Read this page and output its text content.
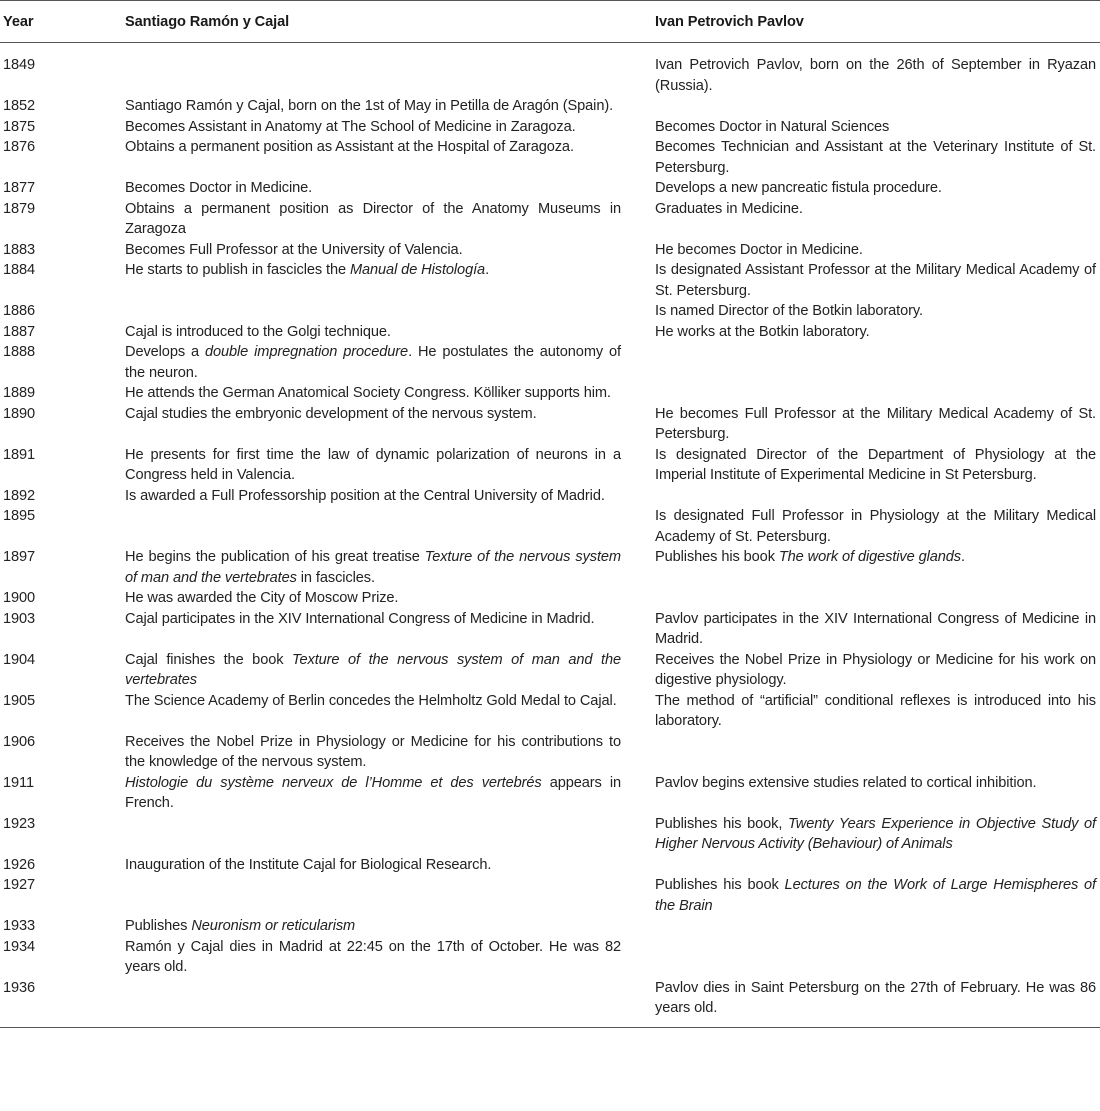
Year	Santiago Ramón y Cajal	Ivan Petrovich Pavlov
1849		Ivan Petrovich Pavlov, born on the 26th of September in Ryazan (Russia).
1852	Santiago Ramón y Cajal, born on the 1st of May in Petilla de Aragón (Spain).	
1875	Becomes Assistant in Anatomy at The School of Medicine in Zaragoza.	Becomes Doctor in Natural Sciences
1876	Obtains a permanent position as Assistant at the Hospital of Zaragoza.	Becomes Technician and Assistant at the Veterinary Institute of St. Petersburg.
1877	Becomes Doctor in Medicine.	Develops a new pancreatic fistula procedure.
1879	Obtains a permanent position as Director of the Anatomy Museums in Zaragoza	Graduates in Medicine.
1883	Becomes Full Professor at the University of Valencia.	He becomes Doctor in Medicine.
1884	He starts to publish in fascicles the Manual de Histología.	Is designated Assistant Professor at the Military Medical Academy of St. Petersburg.
1886		Is named Director of the Botkin laboratory.
1887	Cajal is introduced to the Golgi technique.	He works at the Botkin laboratory.
1888	Develops a double impregnation procedure. He postulates the autonomy of the neuron.	
1889	He attends the German Anatomical Society Congress. Kölliker supports him.	
1890	Cajal studies the embryonic development of the nervous system.	He becomes Full Professor at the Military Medical Academy of St. Petersburg.
1891	He presents for first time the law of dynamic polarization of neurons in a Congress held in Valencia.	Is designated Director of the Department of Physiology at the Imperial Institute of Experimental Medicine in St Petersburg.
1892	Is awarded a Full Professorship position at the Central University of Madrid.	
1895		Is designated Full Professor in Physiology at the Military Medical Academy of St. Petersburg.
1897	He begins the publication of his great treatise Texture of the nervous system of man and the vertebrates in fascicles.	Publishes his book The work of digestive glands.
1900	He was awarded the City of Moscow Prize.	
1903	Cajal participates in the XIV International Congress of Medicine in Madrid.	Pavlov participates in the XIV International Congress of Medicine in Madrid.
1904	Cajal finishes the book Texture of the nervous system of man and the vertebrates	Receives the Nobel Prize in Physiology or Medicine for his work on digestive physiology.
1905	The Science Academy of Berlin concedes the Helmholtz Gold Medal to Cajal.	The method of “artificial” conditional reflexes is introduced into his laboratory.
1906	Receives the Nobel Prize in Physiology or Medicine for his contributions to the knowledge of the nervous system.	
1911	Histologie du système nerveux de l’Homme et des vertebrés appears in French.	Pavlov begins extensive studies related to cortical inhibition.
1923		Publishes his book, Twenty Years Experience in Objective Study of Higher Nervous Activity (Behaviour) of Animals
1926	Inauguration of the Institute Cajal for Biological Research.	
1927		Publishes his book Lectures on the Work of Large Hemispheres of the Brain
1933	Publishes Neuronism or reticularism	
1934	Ramón y Cajal dies in Madrid at 22:45 on the 17th of October. He was 82 years old.	
1936		Pavlov dies in Saint Petersburg on the 27th of February. He was 86 years old.
